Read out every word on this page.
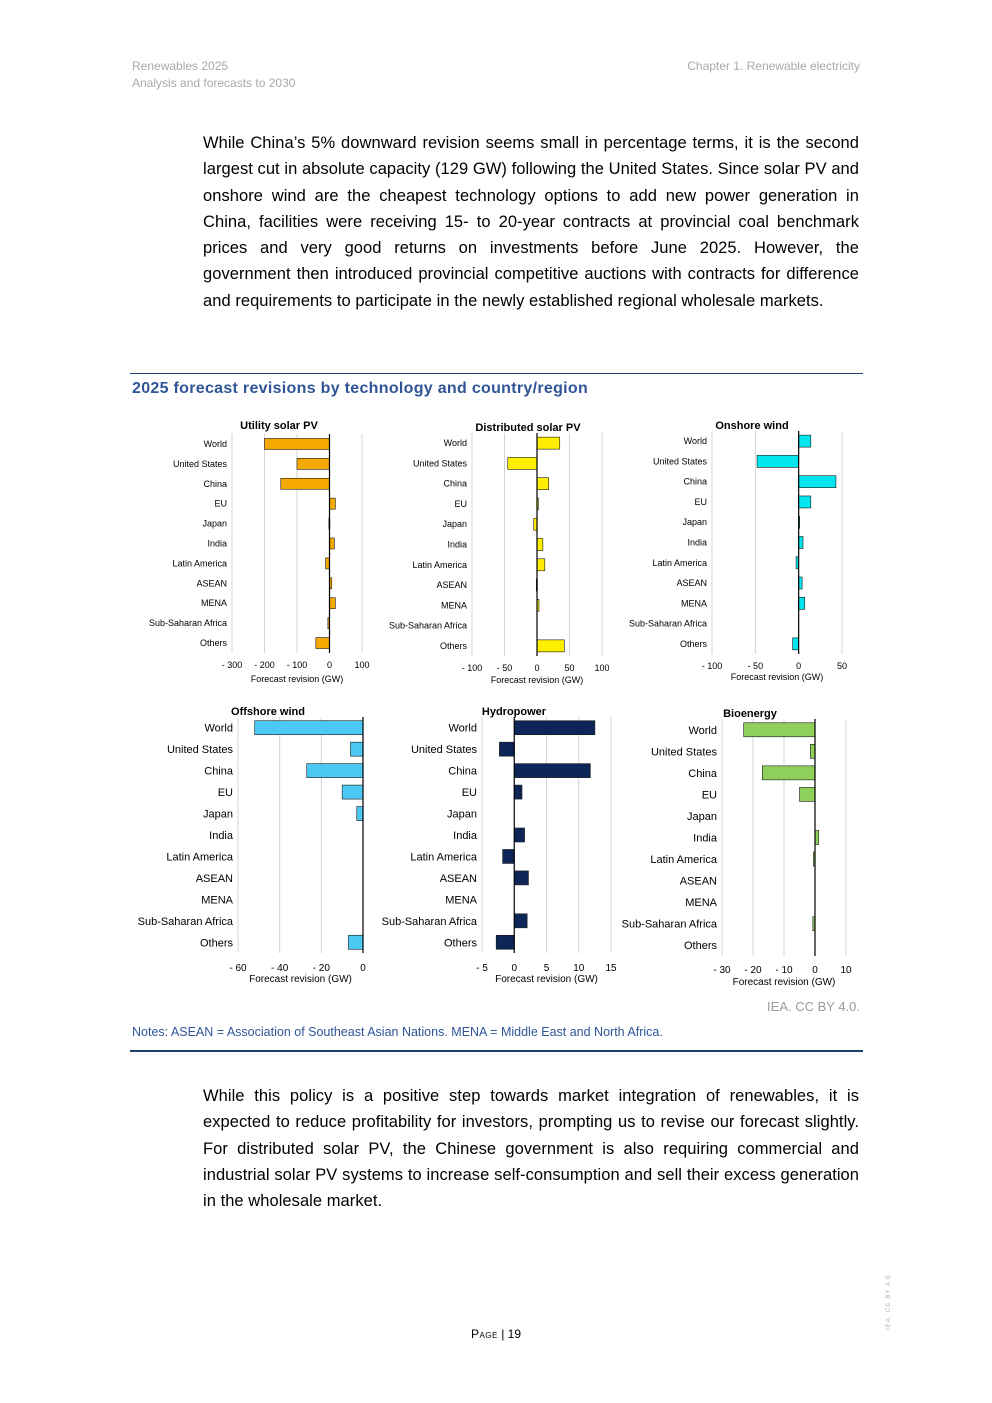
Renewables 2025
Analysis and forecasts to 2030
Chapter 1. Renewable electricity
While China’s 5% downward revision seems small in percentage terms, it is the second largest cut in absolute capacity (129 GW) following the United States. Since solar PV and onshore wind are the cheapest technology options to add new power generation in China, facilities were receiving 15- to 20-year contracts at provincial coal benchmark prices and very good returns on investments before June 2025. However, the government then introduced provincial competitive auctions with contracts for difference and requirements to participate in the newly established regional wholesale markets.
2025 forecast revisions by technology and country/region
Utility solar PV
World
United States
China
EU
Japan
India
Latin America
ASEAN
MENA
Sub-Saharan Africa
Others
- 300 - 200 - 100 0 100
Forecast revision (GW)
Distributed solar PV
World
United States
China
EU
Japan
India
Latin America
ASEAN
MENA
Sub-Saharan Africa
Others
- 100 - 50 0	50 100
Forecast revision (GW)
Onshore wind
World
United States
China
EU
Japan
India
Latin America
ASEAN
MENA
Sub-Saharan Africa
Others
- 100	- 50	0	50
Forecast revision (GW)
Offshore wind
World
United States
China
EU
Japan
India
Latin America
ASEAN
MENA
Sub-Saharan Africa
Others
- 60 - 40 - 20	0
Forecast revision (GW)
Hydropower
World
United States
China
EU
Japan
India
Latin America
ASEAN
MENA
Sub-Saharan Africa
Others
- 5 0	5 10 15
Forecast revision (GW)
Bioenergy
World
United States
China
EU
Japan
India
Latin America
ASEAN
MENA
Sub-Saharan Africa
Others
- 30 - 20 - 10 0 10
Forecast revision (GW)
IEA. CC BY 4.0.
Notes: ASEAN = Association of Southeast Asian Nations. MENA = Middle East and North Africa.
While this policy is a positive step towards market integration of renewables, it is expected to reduce profitability for investors, prompting us to revise our forecast slightly. For distributed solar PV, the Chinese government is also requiring commercial and industrial solar PV systems to increase self-consumption and sell their excess generation in the wholesale market.
Page | 19
IEA. CC BY 4.0.
